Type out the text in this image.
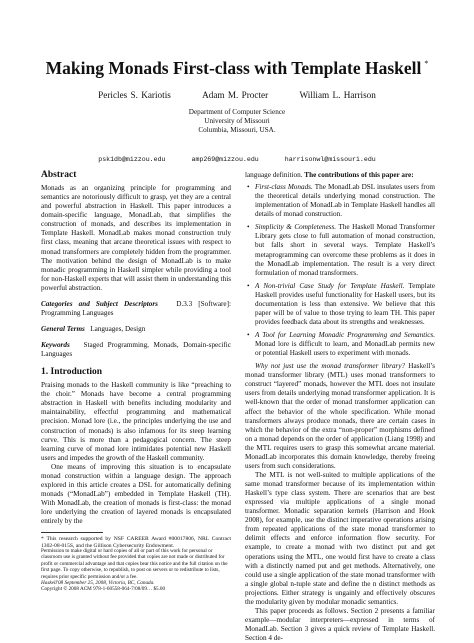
Making Monads First-class with Template Haskell *
Pericles S. Kariotis	Adam M. Procter	William L. Harrison
Department of Computer Science
University of Missouri
Columbia, Missouri, USA.
psk1db@mizzou.edu	amp269@mizzou.edu	harrisonwl@missouri.edu
Abstract

Monads as an organizing principle for programming and semantics are notoriously difficult to grasp, yet they are a central and powerful abstraction in Haskell. This paper introduces a domain-specific language, MonadLab, that simplifies the construction of monads, and describes its implementation in Template Haskell. MonadLab makes monad construction truly first class, meaning that arcane theoretical issues with respect to monad transformers are completely hidden from the programmer. The motivation behind the design of MonadLab is to make monadic programming in Haskell simpler while providing a tool for non-Haskell experts that will assist them in understanding this powerful abstraction.

Categories and Subject Descriptors	D.3.3 [Software]: Programming Languages

General Terms Languages, Design

Keywords Staged Programming, Monads, Domain-specific Languages

1. Introduction

Praising monads to the Haskell community is like “preaching to the choir.” Monads have become a central programming abstraction in Haskell with benefits including modularity and maintainability, effectful programming and mathematical precision. Monad lore (i.e., the principles underlying the use and construction of monads) is also infamous for its steep learning curve. This is more than a pedagogical concern. The steep learning curve of monad lore intimidates potential new Haskell users and impedes the growth of the Haskell community.

One means of improving this situation is to encapsulate monad construction within a language design. The approach explored in this article creates a DSL for automatically defining monads (“MonadLab”) embedded in Template Haskell (TH). With MonadLab, the creation of monads is first-class: the monad lore underlying the creation of layered monads is encapsulated entirely by the

* This research supported by NSF CAREER Award #00017806, NRL Contract 1302-08-015S, and the Gillison Cybersecurity Endowment.

Permission to make digital or hard copies of all or part of this work for personal or classroom use is granted without fee provided that copies are not made or distributed for profit or commercial advantage and that copies bear this notice and the full citation on the first page. To copy otherwise, to republish, to post on servers or to redistribute to lists, requires prior specific permission and/or a fee.

Haskell'08 September 25, 2008, Victoria, BC, Canada.

Copyright © 2008 ACM 978-1-60558-064-7/08/09… $5.00

language definition. The contributions of this paper are:

• First-class Monads. The MonadLab DSL insulates users from the theoretical details underlying monad construction. The implementation of MonadLab in Template Haskell handles all details of monad construction.
• Simplicity & Completeness. The Haskell Monad Transformer Library gets close to full automation of monad construction, but falls short in several ways. Template Haskell’s metaprogramming can overcome these problems as it does in the MonadLab implementation. The result is a very direct formulation of monad transformers.
• A Non-trivial Case Study for Template Haskell. Template Haskell provides useful functionality for Haskell users, but its documentation is less than extensive. We believe that this paper will be of value to those trying to learn TH. This paper provides feedback data about its strengths and weaknesses.
• A Tool for Learning Monadic Programming and Semantics. Monad lore is difficult to learn, and MonadLab permits new or potential Haskell users to experiment with monads.

Why not just use the monad transformer library? Haskell’s monad transformer library (MTL) uses monad transformers to construct “layered” monads, however the MTL does not insulate users from details underlying monad transformer application. It is well-known that the order of monad transformer application can affect the behavior of the whole specification. While monad transformers always produce monads, there are certain cases in which the behavior of the extra “non-proper” morphisms defined on a monad depends on the order of application (Liang 1998) and the MTL requires users to grasp this somewhat arcane material. MonadLab incorporates this domain knowledge, thereby freeing users from such considerations.

The MTL is not well-suited to multiple applications of the same monad transformer because of its implementation within Haskell’s type class system. There are scenarios that are best expressed via multiple applications of a single monad transformer. Monadic separation kernels (Harrison and Hook 2008), for example, use the distinct imperative operations arising from repeated applications of the state monad transformer to delimit effects and enforce information flow security. For example, to create a monad with two distinct put and get operations using the MTL, one would first have to create a class with a distinctly named put and get methods. Alternatively, one could use a single application of the state monad transformer with a single global n-tuple state and define the n distinct methods as projections. Either strategy is ungainly and effectively obscures the modularity given by modular monadic semantics.

This paper proceeds as follows. Section 2 presents a familiar example—modular interpreters—expressed in terms of MonadLab. Section 3 gives a quick review of Template Haskell. Section 4 de-
